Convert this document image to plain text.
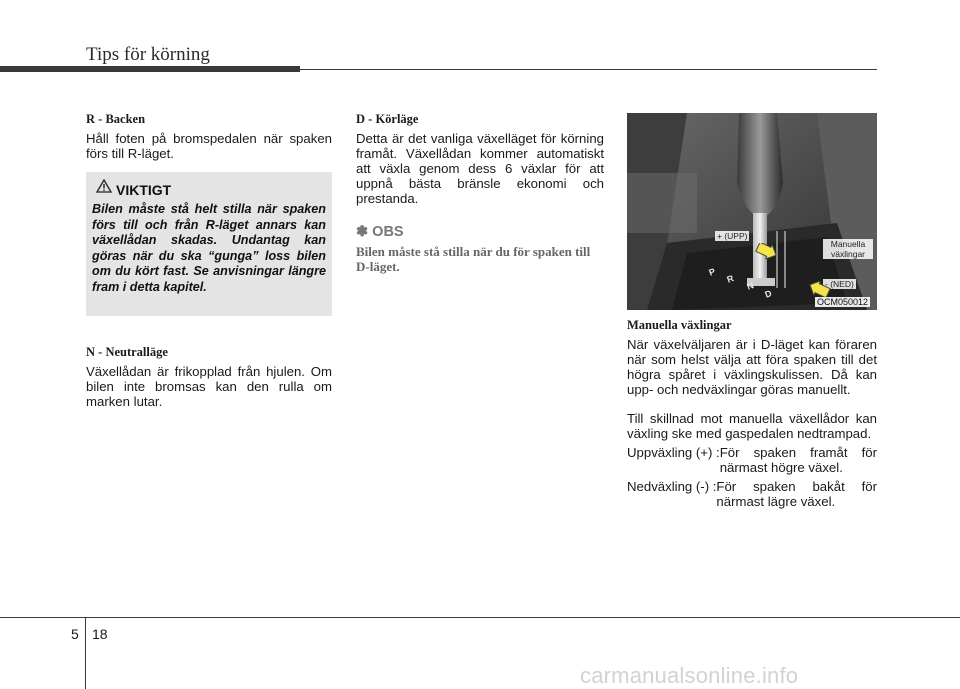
Tips för körning

R - Backen

Håll foten på bromspedalen när spaken förs till R-läget.

VIKTIGT
Bilen måste stå helt stilla när spaken förs till och från R-läget annars kan växellådan skadas. Undantag kan göras när du ska “gunga” loss bilen om du kört fast. Se anvisningar längre fram i detta kapitel.

N - Neutralläge

Växellådan är frikopplad från hjulen. Om bilen inte bromsas kan den rulla om marken lutar.

D - Körläge

Detta är det vanliga växelläget för körning framåt. Växellådan kommer automatiskt att växla genom dess 6 växlar för att uppnå bästa bränsle ekonomi och prestanda.

✽ OBS

Bilen måste stå stilla när du för spaken till D-läget.

+ (UPP)
Manuella växlingar
- (NED)
P
R
N
D
OCM050012

Manuella växlingar

När växelväljaren är i D-läget kan föraren när som helst välja att föra spaken till det högra spåret i växlingskulissen. Då kan upp- och nedväxlingar göras manuellt.

Till skillnad mot manuella växellådor kan växling ske med gaspedalen nedtrampad.

Uppväxling (+) : För spaken framåt för närmast högre växel.
Nedväxling (-) : För spaken bakåt för närmast lägre växel.
5 18
carmanualsonline.info
